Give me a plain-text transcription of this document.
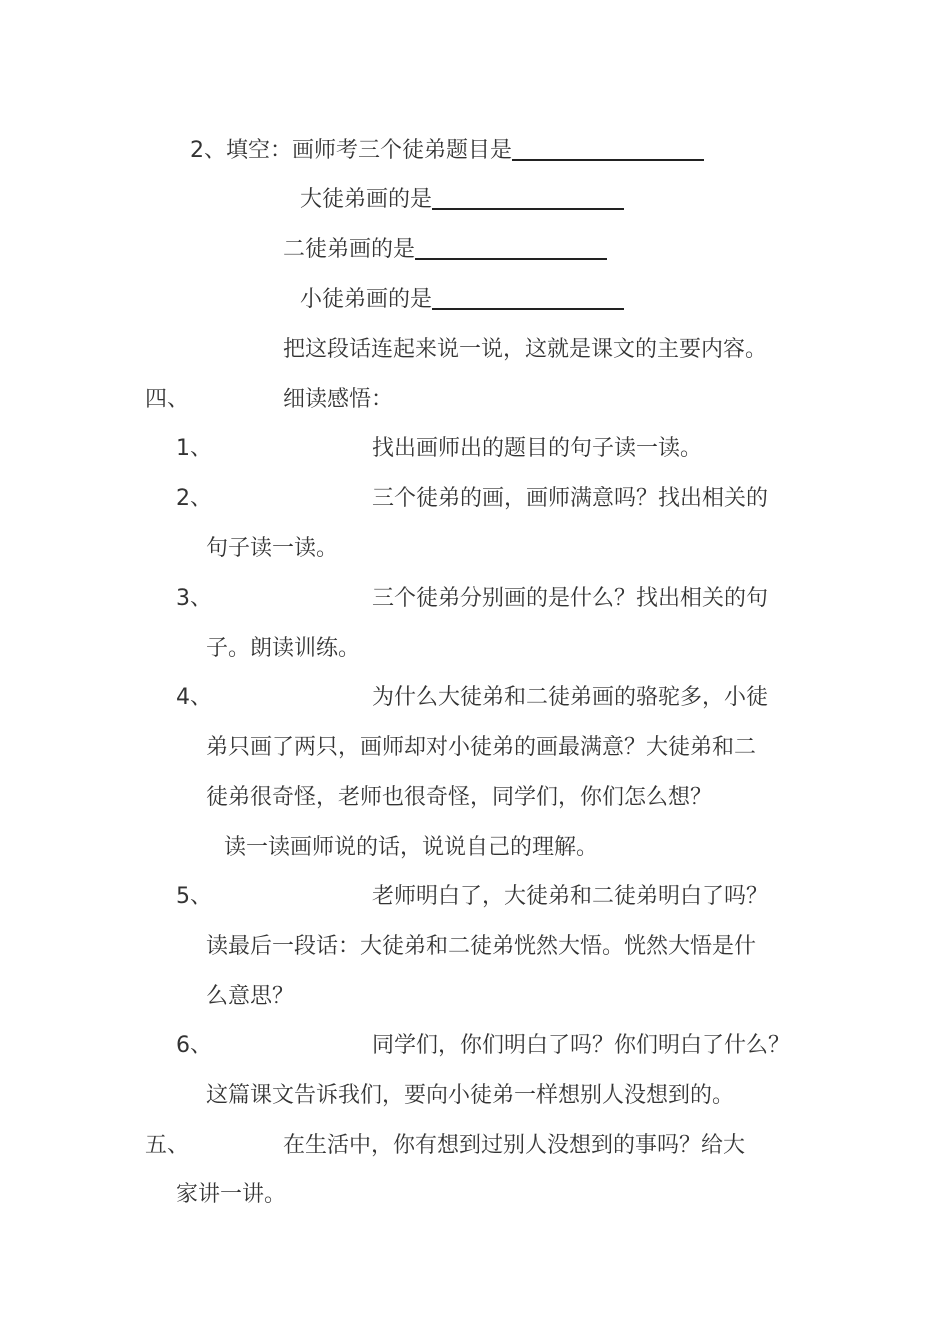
2、填空：画师考三个徒弟题目是
大徒弟画的是
二徒弟画的是
小徒弟画的是
把这段话连起来说一说，这就是课文的主要内容。
四、	细读感悟：
1、	找出画师出的题目的句子读一读。
2、	三个徒弟的画，画师满意吗？找出相关的
句子读一读。
3、	三个徒弟分别画的是什么？找出相关的句
子。朗读训练。
4、	为什么大徒弟和二徒弟画的骆驼多，小徒
弟只画了两只，画师却对小徒弟的画最满意？大徒弟和二
徒弟很奇怪，老师也很奇怪，同学们，你们怎么想？
读一读画师说的话，说说自己的理解。
5、	老师明白了，大徒弟和二徒弟明白了吗？
读最后一段话：大徒弟和二徒弟恍然大悟。恍然大悟是什
么意思？
6、	同学们，你们明白了吗？你们明白了什么？
这篇课文告诉我们，要向小徒弟一样想别人没想到的。
五、	在生活中，你有想到过别人没想到的事吗？给大
家讲一讲。
